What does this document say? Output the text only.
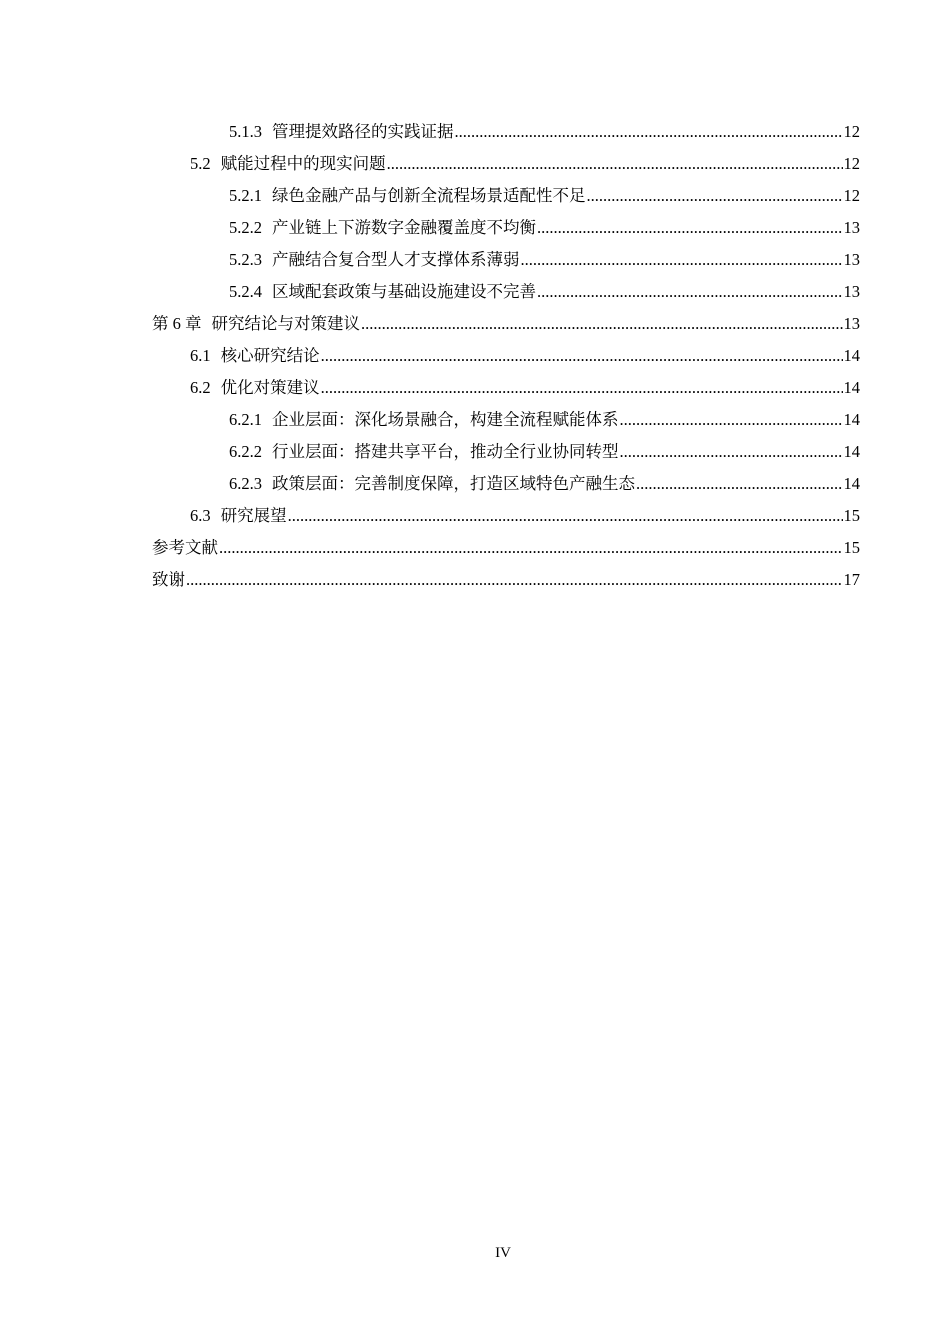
5.1.3 管理提效路径的实践证据 .....	12
5.2 赋能过程中的现实问题 .....	12
5.2.1 绿色金融产品与创新全流程场景适配性不足 .....	12
5.2.2 产业链上下游数字金融覆盖度不均衡 .....	13
5.2.3 产融结合复合型人才支撑体系薄弱 .....	13
5.2.4 区域配套政策与基础设施建设不完善 .....	13
第 6 章 研究结论与对策建议 .....	13
6.1 核心研究结论 .....	14
6.2 优化对策建议 .....	14
6.2.1 企业层面：深化场景融合，构建全流程赋能体系 .....	14
6.2.2 行业层面：搭建共享平台，推动全行业协同转型 .....	14
6.2.3 政策层面：完善制度保障，打造区域特色产融生态 .....	14
6.3 研究展望 .....	15
参考文献 .....	15
致谢 .....	17
IV
